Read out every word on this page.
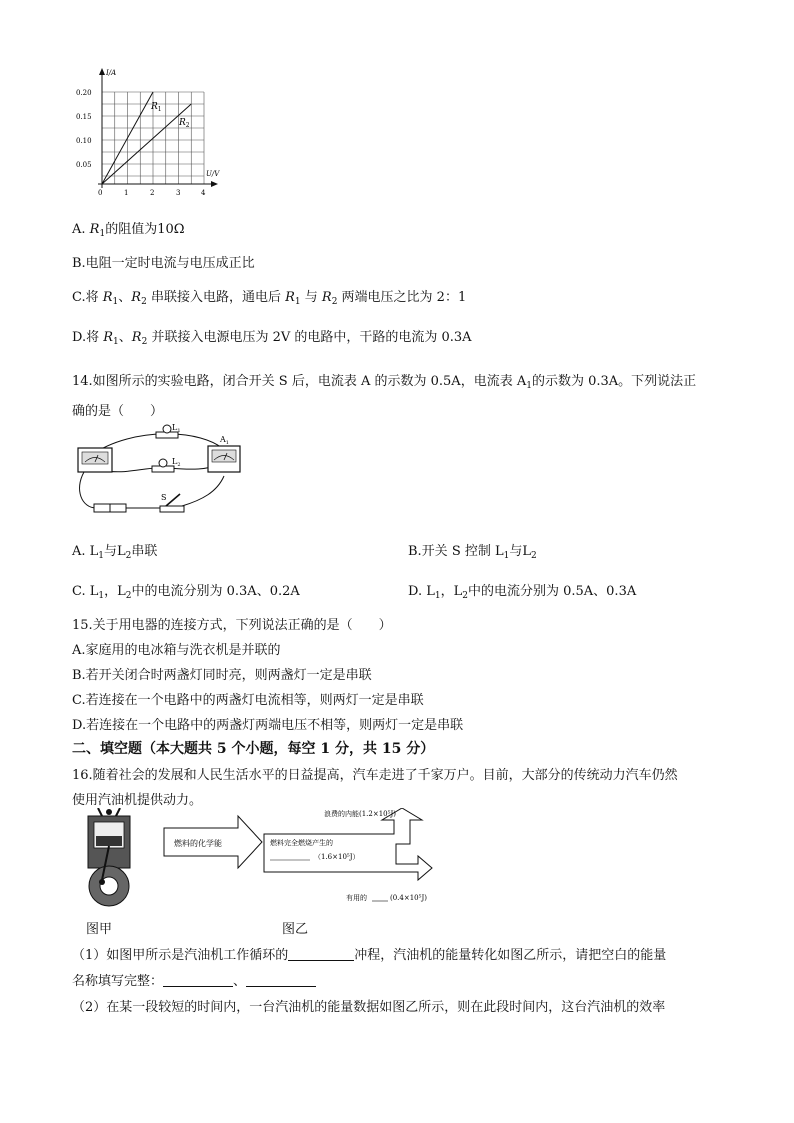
I/A
U/V
0.20
0.15
0.10
0.05
0	1	2	3	4
$R_1$
$R_2$
A. $R_1$的阻值为10Ω
B.电阻一定时电流与电压成正比
C.将 $R_1$、$R_2$ 串联接入电路，通电后 $R_1$ 与 $R_2$ 两端电压之比为 2：1
D.将 $R_1$、$R_2$ 并联接入电源电压为 2V 的电路中，干路的电流为 0.3A
14.如图所示的实验电路，闭合开关 S 后，电流表 A 的示数为 0.5A，电流表 $A_1$的示数为 0.3A。下列说法正
确的是（　　）
$L_1$
$L_2$
$A_1$
S
A. $L_1$与$L_2$串联	B.开关 S 控制 $L_1$与$L_2$
C. $L_1$，$L_2$中的电流分别为 0.3A、0.2A	D. $L_1$，$L_2$中的电流分别为 0.5A、0.3A
15.关于用电器的连接方式，下列说法正确的是（　　）
A.家庭用的电冰箱与洗衣机是并联的
B.若开关闭合时两盏灯同时亮，则两盏灯一定是串联
C.若连接在一个电路中的两盏灯电流相等，则两灯一定是串联
D.若连接在一个电路中的两盏灯两端电压不相等，则两灯一定是串联
二、填空题（本大题共 5 个小题，每空 1 分，共 15 分）
16.随着社会的发展和人民生活水平的日益提高，汽车走进了千家万户。目前，大部分的传统动力汽车仍然
使用汽油机提供动力。
燃料的化学能	燃料完全燃烧产生的
（1.6×10⁵J）
浪费的内能(1.2×10⁵J)
有用的	(0.4×10⁵J)
图甲	图乙
（1）如图甲所示是汽油机工作循环的	冲程，汽油机的能量转化如图乙所示，请把空白的能量
名称填写完整：	、
（2）在某一段较短的时间内，一台汽油机的能量数据如图乙所示，则在此段时间内，这台汽油机的效率
